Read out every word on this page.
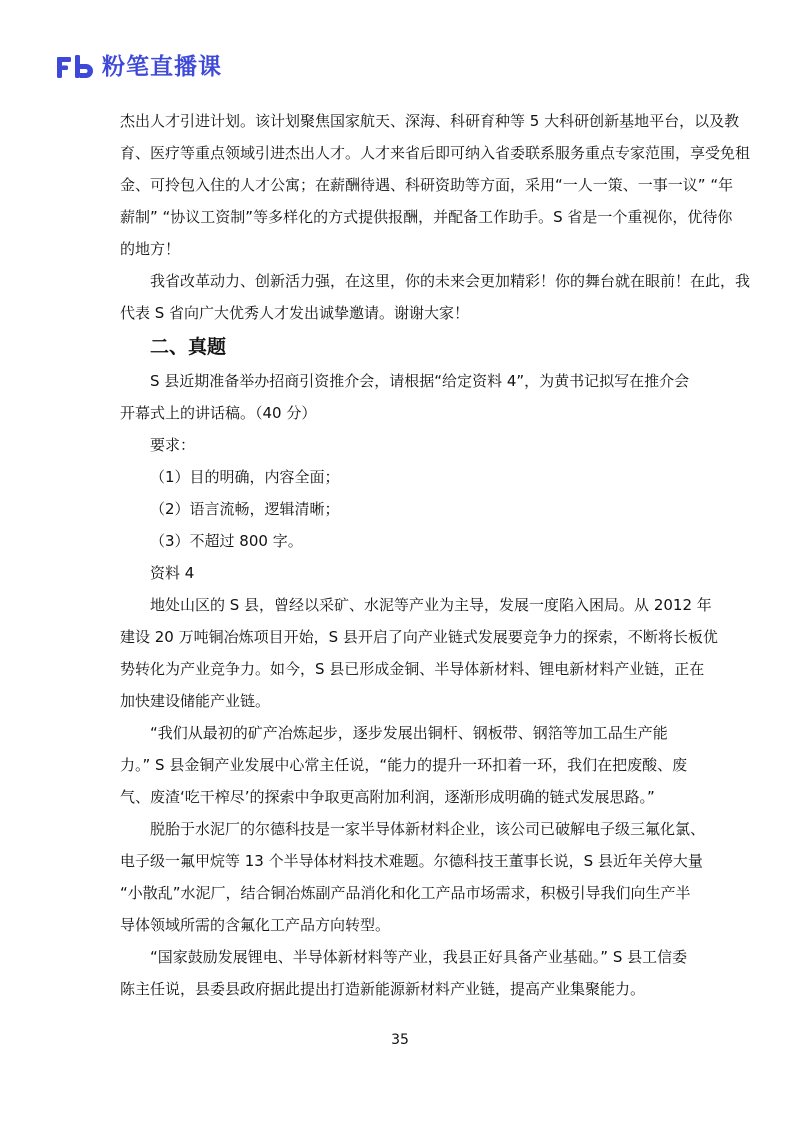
粉笔直播课
杰出人才引进计划。该计划聚焦国家航天、深海、科研育种等 5 大科研创新基地平台，以及教
育、医疗等重点领域引进杰出人才。人才来省后即可纳入省委联系服务重点专家范围，享受免租
金、可拎包入住的人才公寓；在薪酬待遇、科研资助等方面，采用“一人一策、一事一议” “年
薪制” “协议工资制”等多样化的方式提供报酬，并配备工作助手。S 省是一个重视你，优待你
的地方！
我省改革动力、创新活力强，在这里，你的未来会更加精彩！你的舞台就在眼前！在此，我
代表 S 省向广大优秀人才发出诚挚邀请。谢谢大家！
二、真题
S 县近期准备举办招商引资推介会，请根据“给定资料 4”，为黄书记拟写在推介会
开幕式上的讲话稿。（40 分）
要求：
（1）目的明确，内容全面；
（2）语言流畅，逻辑清晰；
（3）不超过 800 字。
资料 4
地处山区的 S 县，曾经以采矿、水泥等产业为主导，发展一度陷入困局。从 2012 年
建设 20 万吨铜冶炼项目开始，S 县开启了向产业链式发展要竞争力的探索，不断将长板优
势转化为产业竞争力。如今，S 县已形成金铜、半导体新材料、锂电新材料产业链，正在
加快建设储能产业链。
“我们从最初的矿产冶炼起步，逐步发展出铜杆、钢板带、钢箔等加工品生产能
力。” S 县金铜产业发展中心常主任说，“能力的提升一环扣着一环，我们在把废酸、废
气、废渣‘吃干榨尽’的探索中争取更高附加利润，逐渐形成明确的链式发展思路。”
脱胎于水泥厂的尔德科技是一家半导体新材料企业，该公司已破解电子级三氟化氯、
电子级一氟甲烷等 13 个半导体材料技术难题。尔德科技王董事长说，S 县近年关停大量
“小散乱”水泥厂，结合铜冶炼副产品消化和化工产品市场需求，积极引导我们向生产半
导体领域所需的含氟化工产品方向转型。
“国家鼓励发展锂电、半导体新材料等产业，我县正好具备产业基础。” S 县工信委
陈主任说，县委县政府据此提出打造新能源新材料产业链，提高产业集聚能力。
35
